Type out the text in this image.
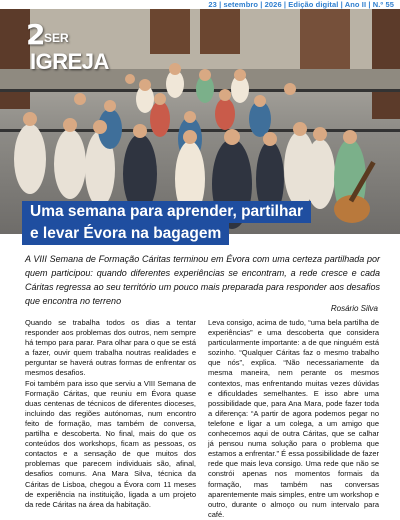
23 | setembro | 2026 | Edição digital | Ano II | N.º 55
2
SER
IGREJA
Uma semana para aprender, partilhar
e levar Évora na bagagem
A VIII Semana de Formação Cáritas terminou em Évora com uma certeza partilhada por quem participou: quando diferentes experiências se encontram, a rede cresce e cada Cáritas regressa ao seu território um pouco mais preparada para responder aos desafios que encontra no terreno
Rosário Silva

Quando se trabalha todos os dias a tentar responder aos problemas dos outros, nem sempre há tempo para parar. Para olhar para o que se está a fazer, ouvir quem trabalha noutras realidades e perguntar se haverá outras formas de enfrentar os mesmos desafios.

Foi também para isso que serviu a VIII Semana de Formação Cáritas, que reuniu em Évora quase duas centenas de técnicos de diferentes dioceses, incluindo das regiões autónomas, num encontro feito de formação, mas também de conversa, partilha e descoberta. No final, mais do que os conteúdos dos workshops, ficam as pessoas, os contactos e a sensação de que muitos dos problemas que parecem individuais são, afinal, desafios comuns. Ana Mara Silva, técnica da Cáritas de Lisboa, chegou a Évora com 11 meses de experiência na instituição, ligada a um projeto da rede Cáritas na área da habitação.

Leva consigo, acima de tudo, “uma bela partilha de experiências” e uma descoberta que considera particularmente importante: a de que ninguém está sozinho. “Qualquer Cáritas faz o mesmo trabalho que nós”, explica. “Não necessariamente da mesma maneira, nem perante os mesmos contextos, mas enfrentando muitas vezes dúvidas e dificuldades semelhantes. E isso abre uma possibilidade que, para Ana Mara, pode fazer toda a diferença: “A partir de agora podemos pegar no telefone e ligar a um colega, a um amigo que conhecemos aqui de outra Cáritas, que se calhar já pensou numa solução para o problema que estamos a enfrentar.” É essa possibilidade de fazer rede que mais leva consigo. Uma rede que não se constrói apenas nos momentos formais da formação, mas também nas conversas aparentemente mais simples, entre um workshop e outro, durante o almoço ou num intervalo para café.
